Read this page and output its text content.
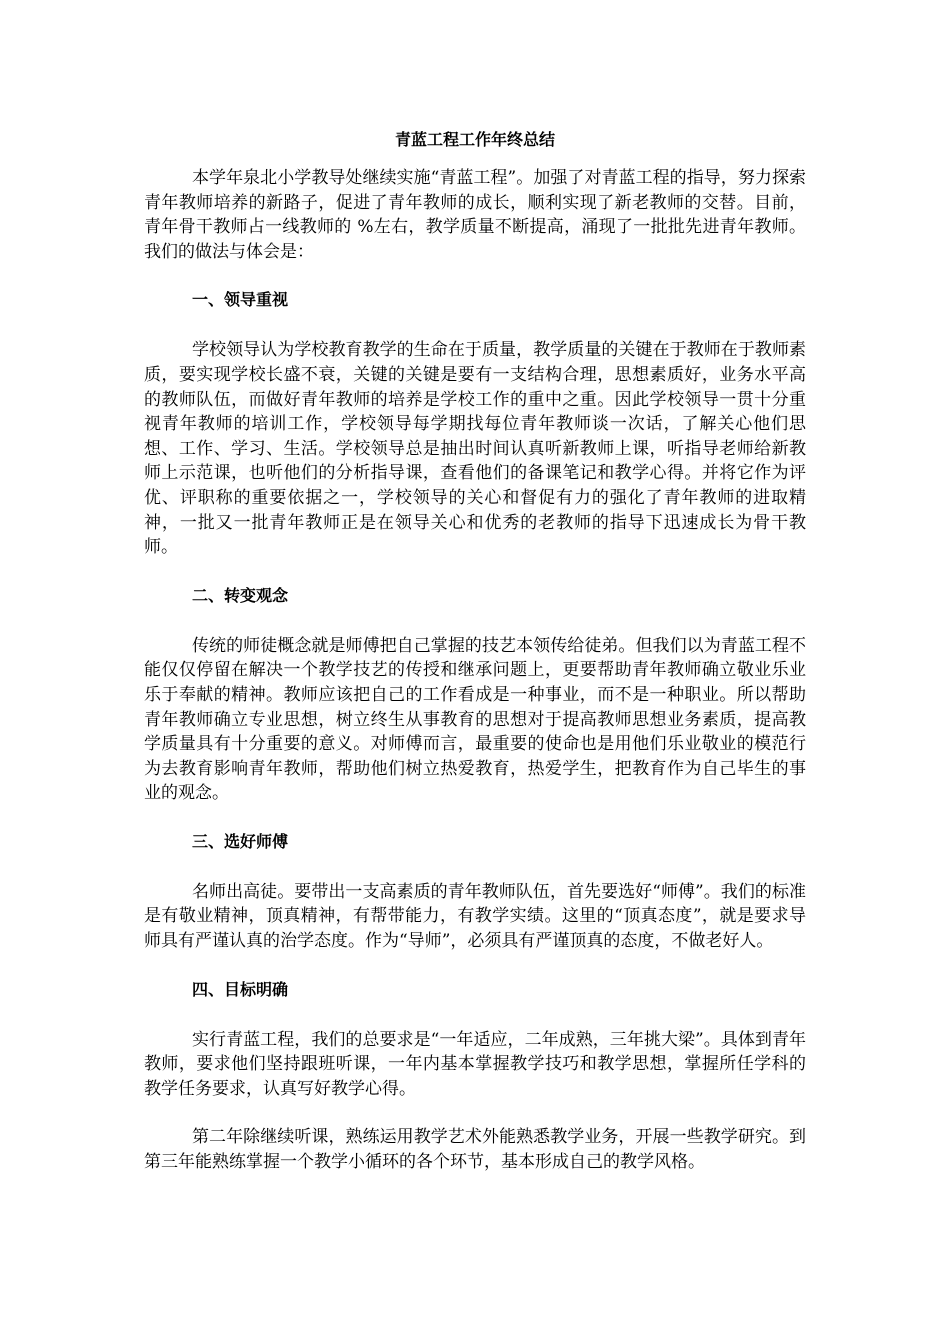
青蓝工程工作年终总结

本学年泉北小学教导处继续实施“青蓝工程”。加强了对青蓝工程的指导，努力探索青年教师培养的新路子，促进了青年教师的成长，顺利实现了新老教师的交替。目前，青年骨干教师占一线教师的 %左右，教学质量不断提高，涌现了一批批先进青年教师。我们的做法与体会是：

一、领导重视

学校领导认为学校教育教学的生命在于质量，教学质量的关键在于教师在于教师素质，要实现学校长盛不衰，关键的关键是要有一支结构合理，思想素质好，业务水平高的教师队伍，而做好青年教师的培养是学校工作的重中之重。因此学校领导一贯十分重视青年教师的培训工作，学校领导每学期找每位青年教师谈一次话，了解关心他们思想、工作、学习、生活。学校领导总是抽出时间认真听新教师上课，听指导老师给新教师上示范课，也听他们的分析指导课，查看他们的备课笔记和教学心得。并将它作为评优、评职称的重要依据之一，学校领导的关心和督促有力的强化了青年教师的进取精神，一批又一批青年教师正是在领导关心和优秀的老教师的指导下迅速成长为骨干教师。

二、转变观念

传统的师徒概念就是师傅把自己掌握的技艺本领传给徒弟。但我们以为青蓝工程不能仅仅停留在解决一个教学技艺的传授和继承问题上，更要帮助青年教师确立敬业乐业乐于奉献的精神。教师应该把自己的工作看成是一种事业，而不是一种职业。所以帮助青年教师确立专业思想，树立终生从事教育的思想对于提高教师思想业务素质，提高教学质量具有十分重要的意义。对师傅而言，最重要的使命也是用他们乐业敬业的模范行为去教育影响青年教师，帮助他们树立热爱教育，热爱学生，把教育作为自己毕生的事业的观念。

三、选好师傅

名师出高徒。要带出一支高素质的青年教师队伍，首先要选好“师傅”。我们的标准是有敬业精神，顶真精神，有帮带能力，有教学实绩。这里的“顶真态度”，就是要求导师具有严谨认真的治学态度。作为“导师”，必须具有严谨顶真的态度，不做老好人。

四、目标明确

实行青蓝工程，我们的总要求是“一年适应，二年成熟，三年挑大梁”。具体到青年教师，要求他们坚持跟班听课，一年内基本掌握教学技巧和教学思想，掌握所任学科的教学任务要求，认真写好教学心得。

第二年除继续听课，熟练运用教学艺术外能熟悉教学业务，开展一些教学研究。到第三年能熟练掌握一个教学小循环的各个环节，基本形成自己的教学风格。
